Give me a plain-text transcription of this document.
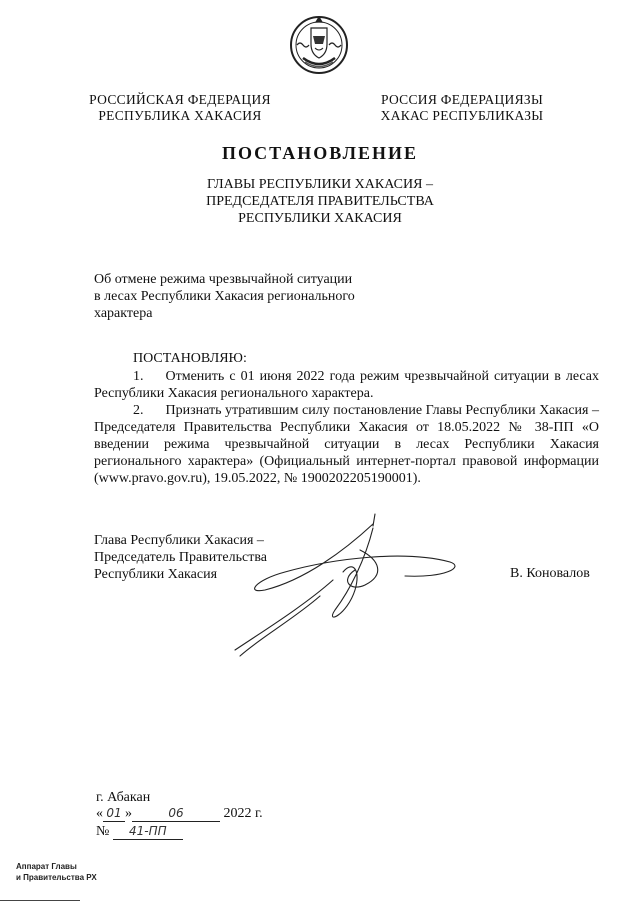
РОССИЙСКАЯ ФЕДЕРАЦИЯ
РЕСПУБЛИКА ХАКАСИЯ
РОССИЯ ФЕДЕРАЦИЯЗЫ
ХАКАС РЕСПУБЛИКАЗЫ
ПОСТАНОВЛЕНИЕ
ГЛАВЫ РЕСПУБЛИКИ ХАКАСИЯ –
ПРЕДСЕДАТЕЛЯ ПРАВИТЕЛЬСТВА
РЕСПУБЛИКИ ХАКАСИЯ
Об отмене режима чрезвычайной ситуации
в лесах Республики Хакасия регионального
характера
ПОСТАНОВЛЯЮ:
1. Отменить с 01 июня 2022 года режим чрезвычайной ситуации в лесах Республики Хакасия регионального характера.
2. Признать утратившим силу постановление Главы Республики Хакасия – Председателя Правительства Республики Хакасия от 18.05.2022 № 38-ПП «О введении режима чрезвычайной ситуации в лесах Республики Хакасия регионального характера» (Официальный интернет-портал правовой информации (www.pravo.gov.ru), 19.05.2022, № 1900202205190001).
Глава Республики Хакасия –
Председатель Правительства
Республики Хакасия	В. Коновалов
г. Абакан
« 01 »	06	2022 г.
№ 41-ПП
Аппарат Главы
и Правительства РХ
